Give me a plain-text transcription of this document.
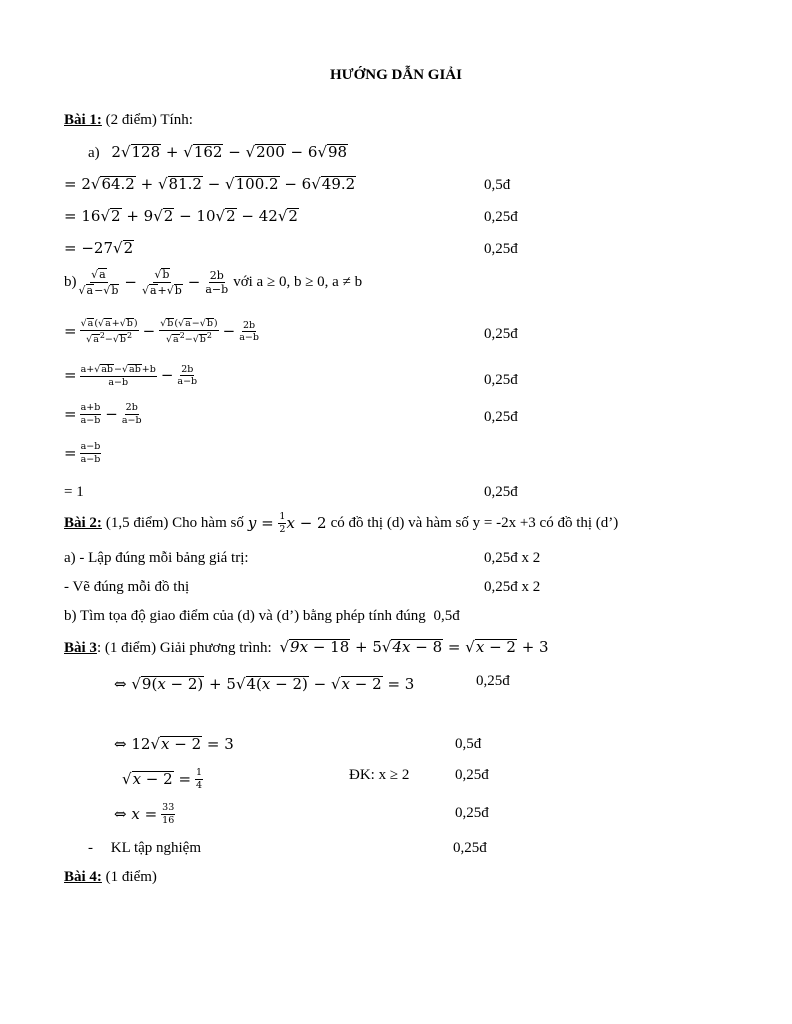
HƯỚNG DẪN GIẢI
Bài 1: (2 điểm) Tính:
a) 2√128 + √162 − √200 − 6√98
= 2√64.2 + √81.2 − √100.2 − 6√49.2	0,5đ
= 16√2 + 9√2 − 10√2 − 42√2	0,25đ
= −27√2	0,25đ
$b) \frac{√a}{√a-√b} - \frac{√b}{√a+√b} - \frac{2b}{a-b}$ với a ≥ 0, b ≥ 0, a ≠ b
= $\frac{√a(√a+√b)}{√a^2-√b^2} - \frac{√b(√a-√b)}{√a^2-√b^2} - \frac{2b}{a-b}$	0,25đ
= $\frac{a+√ab-√ab+b}{a-b} - \frac{2b}{a-b}$	0,25đ
= $\frac{a+b}{a-b} - \frac{2b}{a-b}$	0,25đ
= $\frac{a-b}{a-b}$
= 1	0,25đ
Bài 2: (1,5 điểm) Cho hàm số $y = \frac{1}{2}$ x − 2 có đồ thị (d) và hàm số y = -2x +3 có đồ thị (d’)
a) - Lập đúng mỗi bảng giá trị:	0,25đ x 2
- Vẽ đúng mỗi đồ thị	0,25đ x 2
b) Tìm tọa độ giao điểm của (d) và (d’) bằng phép tính đúng 0,5đ
Bài 3: (1 điểm) Giải phương trình: √9x − 18 + 5√4x − 8 = √x − 2 + 3
⇔ √9(x − 2) + 5√4(x − 2) − √x − 2 = 3	0,25đ
⇔ 12√x − 2 = 3	0,5đ
$√x - 2 = \frac{1}{4}$	ĐK: x ≥ 2	0,25đ
⇔ $x = \frac{33}{16}$	0,25đ
- KL tập nghiệm	0,25đ
Bài 4: (1 điểm)
